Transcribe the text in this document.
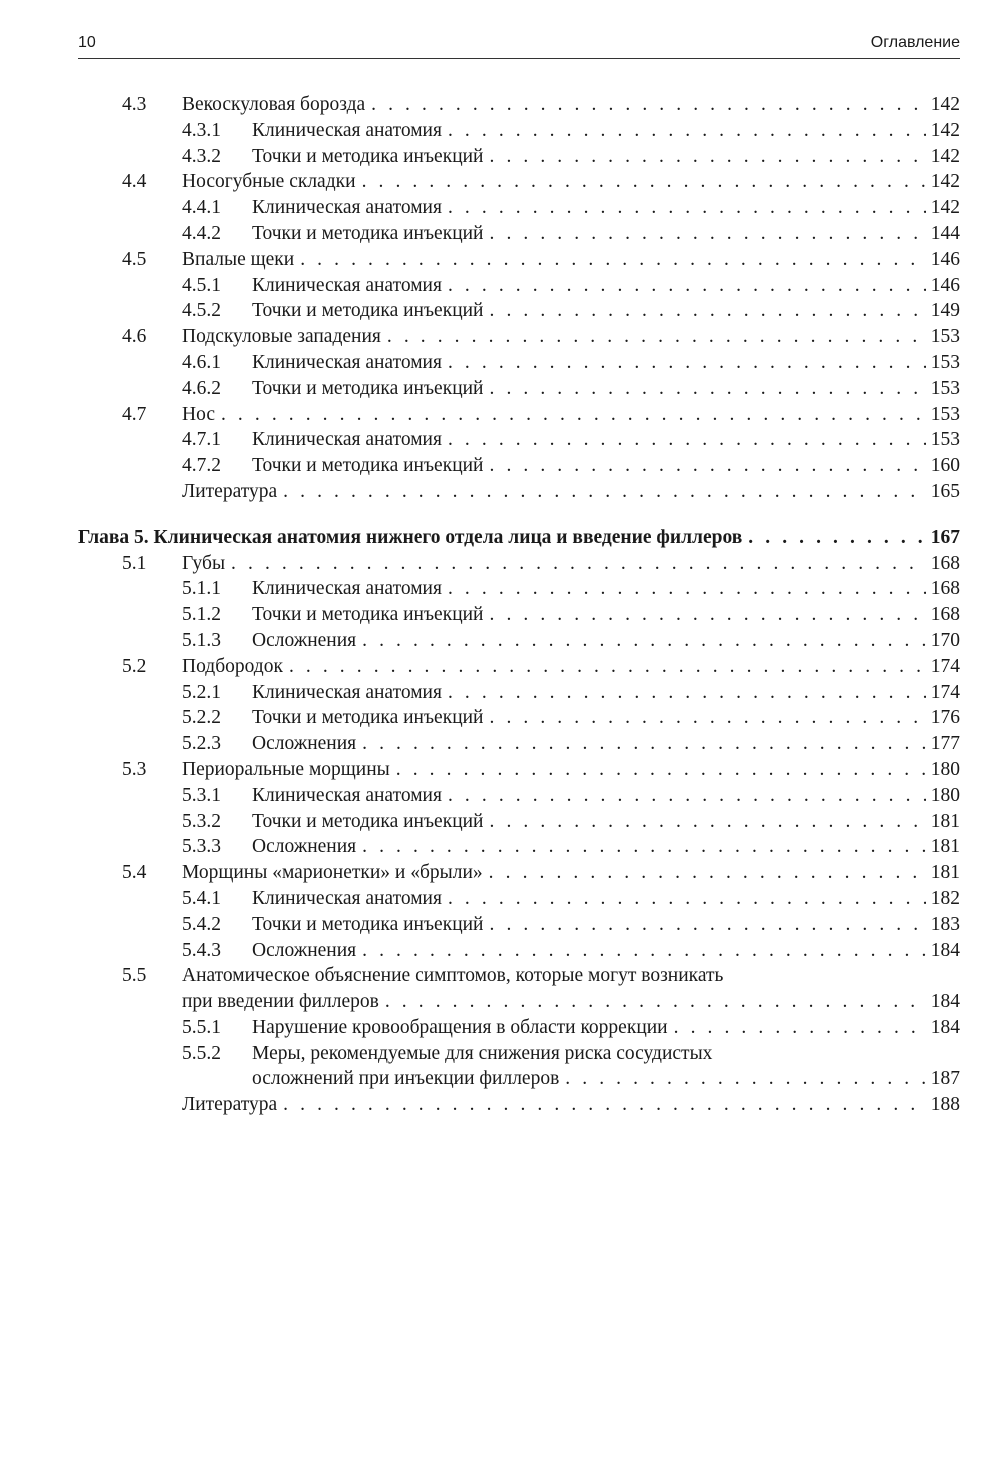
10	Оглавление
4.3	Векоскуловая борозда . . .	142
4.3.1	Клиническая анатомия . . .	142
4.3.2	Точки и методика инъекций . . .	142
4.4	Носогубные складки . . .	142
4.4.1	Клиническая анатомия . . .	142
4.4.2	Точки и методика инъекций . . .	144
4.5	Впалые щеки . . .	146
4.5.1	Клиническая анатомия . . .	146
4.5.2	Точки и методика инъекций . . .	149
4.6	Подскуловые западения . . .	153
4.6.1	Клиническая анатомия . . .	153
4.6.2	Точки и методика инъекций . . .	153
4.7	Нос . . .	153
4.7.1	Клиническая анатомия . . .	153
4.7.2	Точки и методика инъекций . . .	160
Литература . . .	165
Глава 5. Клиническая анатомия нижнего отдела лица и введение филлеров . . .	167
5.1	Губы . . .	168
5.1.1	Клиническая анатомия . . .	168
5.1.2	Точки и методика инъекций . . .	168
5.1.3	Осложнения . . .	170
5.2	Подбородок . . .	174
5.2.1	Клиническая анатомия . . .	174
5.2.2	Точки и методика инъекций . . .	176
5.2.3	Осложнения . . .	177
5.3	Периоральные морщины . . .	180
5.3.1	Клиническая анатомия . . .	180
5.3.2	Точки и методика инъекций . . .	181
5.3.3	Осложнения . . .	181
5.4	Морщины «марионетки» и «брыли» . . .	181
5.4.1	Клиническая анатомия . . .	182
5.4.2	Точки и методика инъекций . . .	183
5.4.3	Осложнения . . .	184
5.5	Анатомическое объяснение симптомов, которые могут возникать
при введении филлеров . . .	184
5.5.1	Нарушение кровообращения в области коррекции . . .	184
5.5.2	Меры, рекомендуемые для снижения риска сосудистых
осложнений при инъекции филлеров . . .	187
Литература . . .	188
